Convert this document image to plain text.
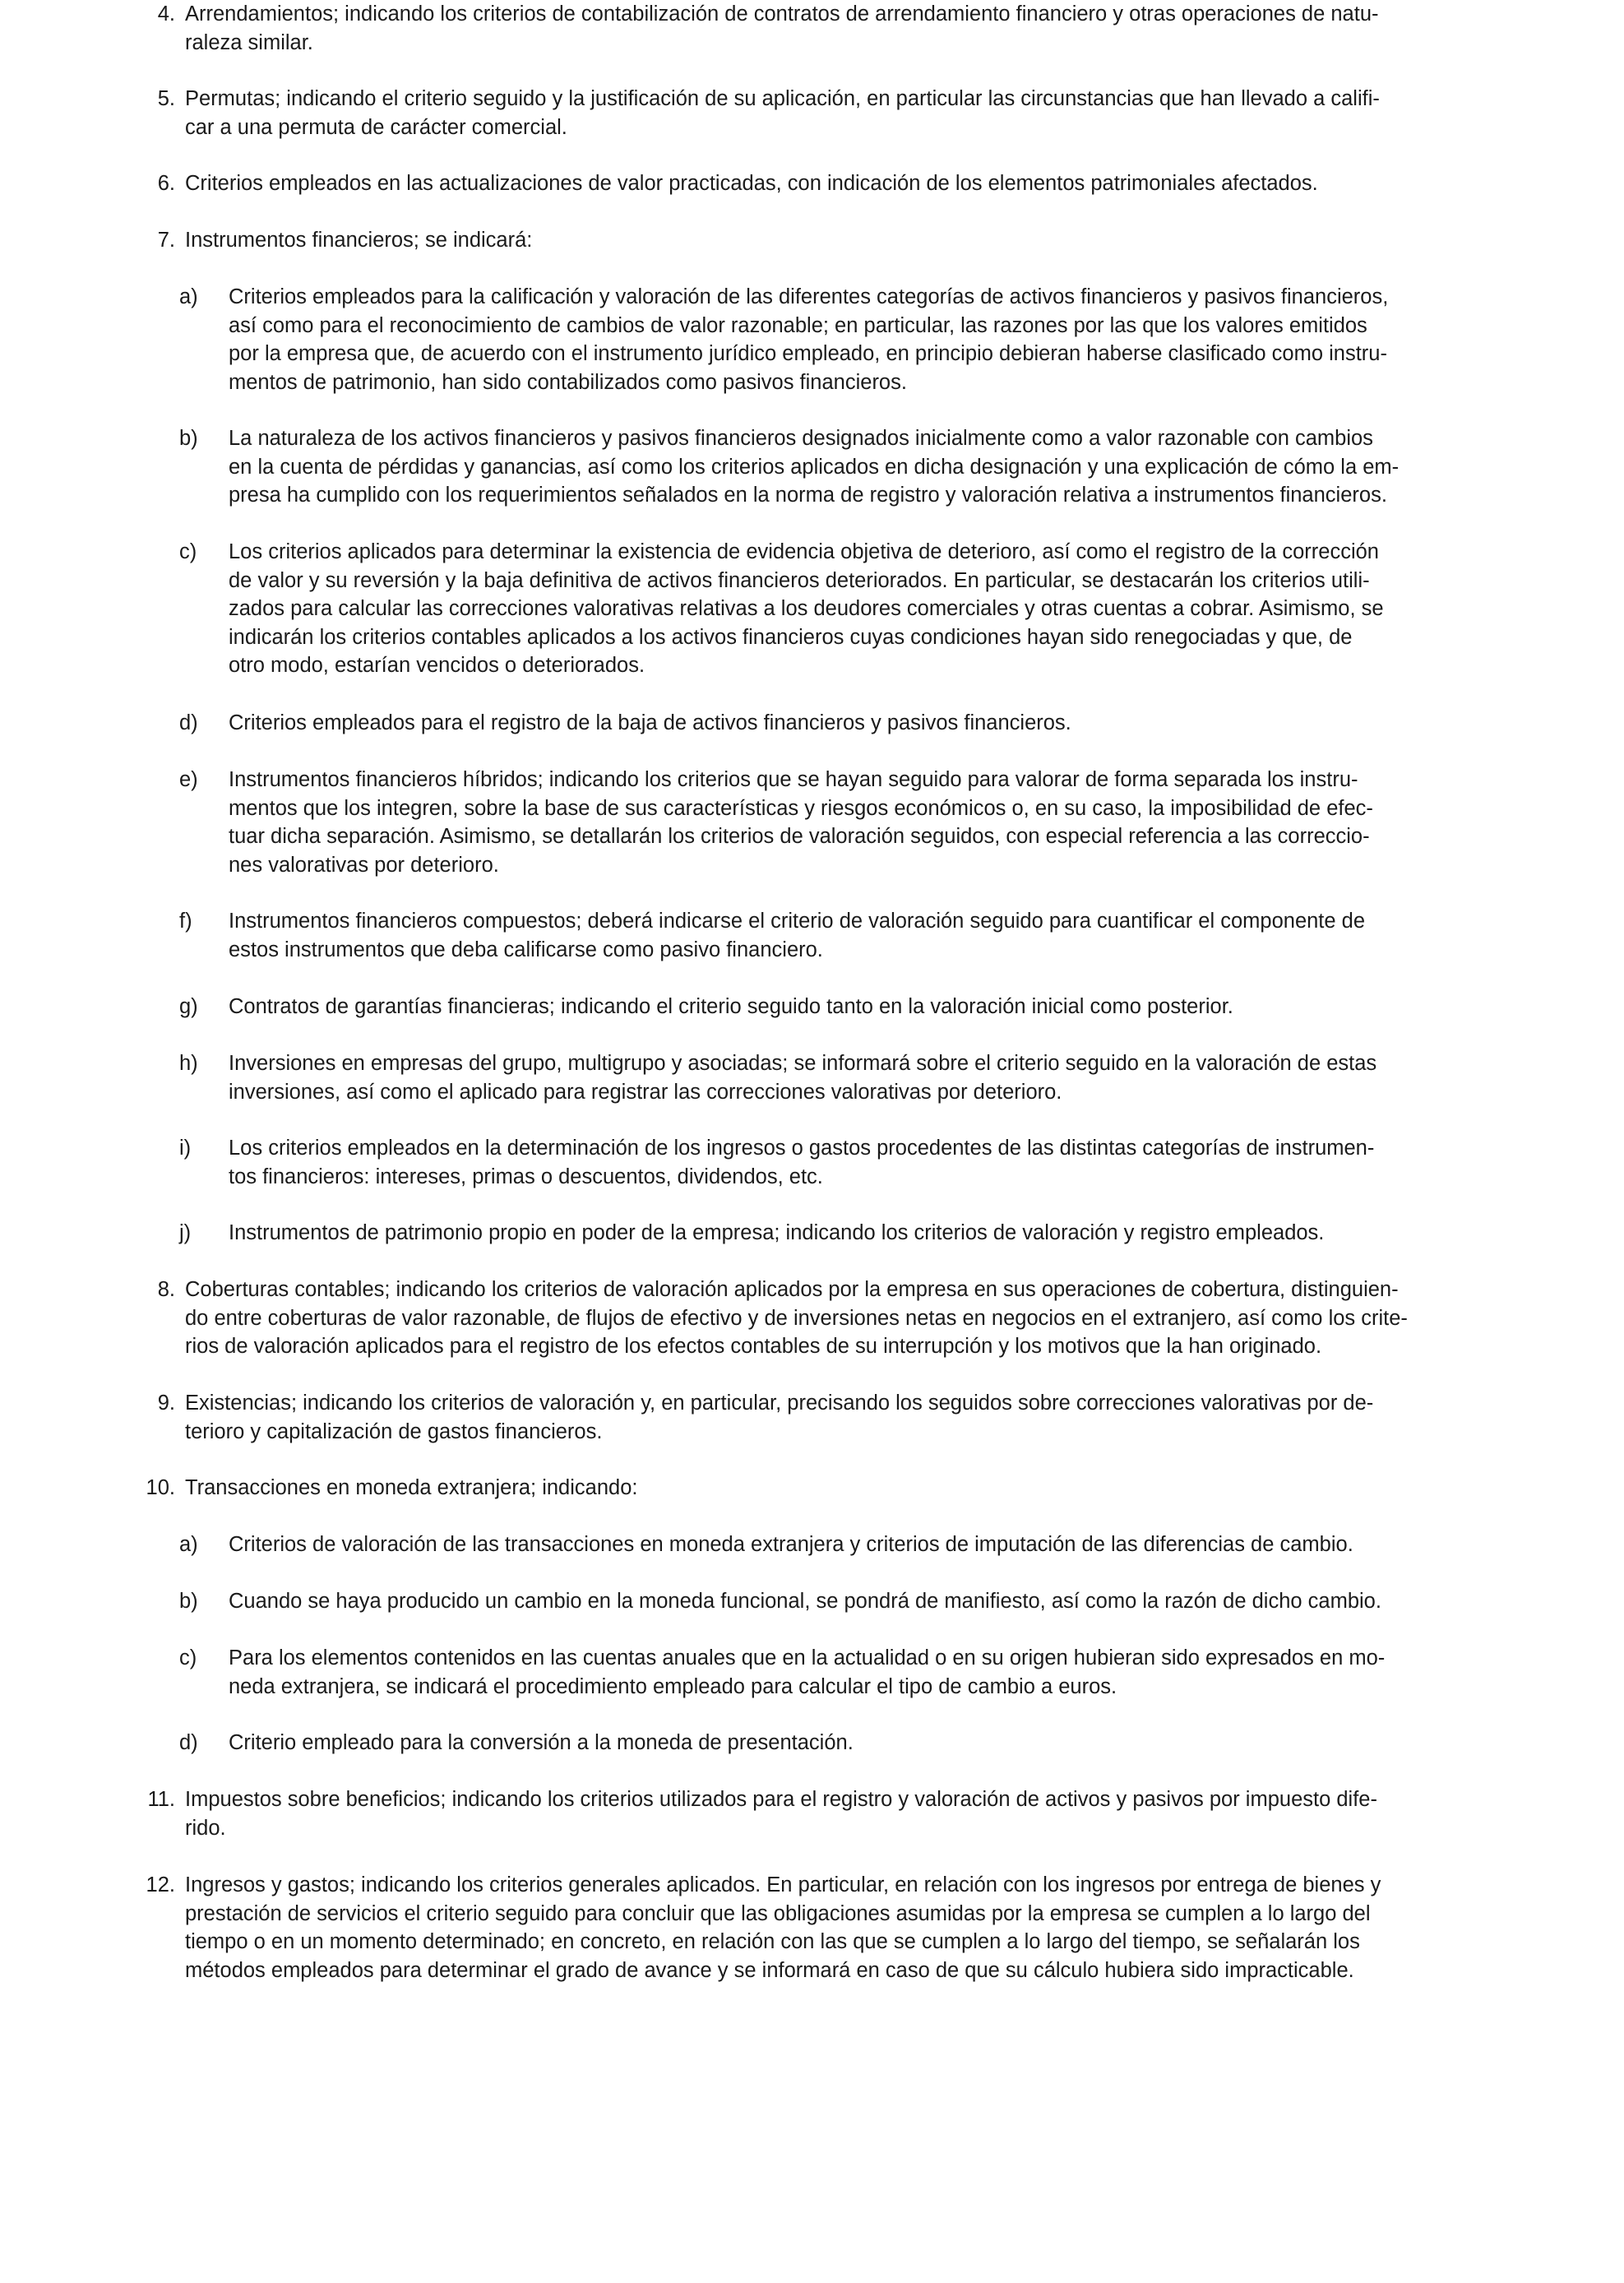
4. Arrendamientos; indicando los criterios de contabilización de contratos de arrendamiento financiero y otras operaciones de natu-
raleza similar.
5. Permutas; indicando el criterio seguido y la justificación de su aplicación, en particular las circunstancias que han llevado a califi-
car a una permuta de carácter comercial.
6. Criterios empleados en las actualizaciones de valor practicadas, con indicación de los elementos patrimoniales afectados.
7. Instrumentos financieros; se indicará:
a)	Criterios empleados para la calificación y valoración de las diferentes categorías de activos financieros y pasivos financieros,
así como para el reconocimiento de cambios de valor razonable; en particular, las razones por las que los valores emitidos
por la empresa que, de acuerdo con el instrumento jurídico empleado, en principio debieran haberse clasificado como instru-
mentos de patrimonio, han sido contabilizados como pasivos financieros.
b)	La naturaleza de los activos financieros y pasivos financieros designados inicialmente como a valor razonable con cambios
en la cuenta de pérdidas y ganancias, así como los criterios aplicados en dicha designación y una explicación de cómo la em-
presa ha cumplido con los requerimientos señalados en la norma de registro y valoración relativa a instrumentos financieros.
c)	Los criterios aplicados para determinar la existencia de evidencia objetiva de deterioro, así como el registro de la corrección
de valor y su reversión y la baja definitiva de activos financieros deteriorados. En particular, se destacarán los criterios utili-
zados para calcular las correcciones valorativas relativas a los deudores comerciales y otras cuentas a cobrar. Asimismo, se
indicarán los criterios contables aplicados a los activos financieros cuyas condiciones hayan sido renegociadas y que, de
otro modo, estarían vencidos o deteriorados.
d)	Criterios empleados para el registro de la baja de activos financieros y pasivos financieros.
e)	Instrumentos financieros híbridos; indicando los criterios que se hayan seguido para valorar de forma separada los instru-
mentos que los integren, sobre la base de sus características y riesgos económicos o, en su caso, la imposibilidad de efec-
tuar dicha separación. Asimismo, se detallarán los criterios de valoración seguidos, con especial referencia a las correccio-
nes valorativas por deterioro.
f)	Instrumentos financieros compuestos; deberá indicarse el criterio de valoración seguido para cuantificar el componente de
estos instrumentos que deba calificarse como pasivo financiero.
g)	Contratos de garantías financieras; indicando el criterio seguido tanto en la valoración inicial como posterior.
h)	Inversiones en empresas del grupo, multigrupo y asociadas; se informará sobre el criterio seguido en la valoración de estas
inversiones, así como el aplicado para registrar las correcciones valorativas por deterioro.
i)	Los criterios empleados en la determinación de los ingresos o gastos procedentes de las distintas categorías de instrumen-
tos financieros: intereses, primas o descuentos, dividendos, etc.
j)	Instrumentos de patrimonio propio en poder de la empresa; indicando los criterios de valoración y registro empleados.
8. Coberturas contables; indicando los criterios de valoración aplicados por la empresa en sus operaciones de cobertura, distinguien-
do entre coberturas de valor razonable, de flujos de efectivo y de inversiones netas en negocios en el extranjero, así como los crite-
rios de valoración aplicados para el registro de los efectos contables de su interrupción y los motivos que la han originado.
9. Existencias; indicando los criterios de valoración y, en particular, precisando los seguidos sobre correcciones valorativas por de-
terioro y capitalización de gastos financieros.
10. Transacciones en moneda extranjera; indicando:
a)	Criterios de valoración de las transacciones en moneda extranjera y criterios de imputación de las diferencias de cambio.
b)	Cuando se haya producido un cambio en la moneda funcional, se pondrá de manifiesto, así como la razón de dicho cambio.
c)	Para los elementos contenidos en las cuentas anuales que en la actualidad o en su origen hubieran sido expresados en mo-
neda extranjera, se indicará el procedimiento empleado para calcular el tipo de cambio a euros.
d)	Criterio empleado para la conversión a la moneda de presentación.
11. Impuestos sobre beneficios; indicando los criterios utilizados para el registro y valoración de activos y pasivos por impuesto dife-
rido.
12. Ingresos y gastos; indicando los criterios generales aplicados. En particular, en relación con los ingresos por entrega de bienes y
prestación de servicios el criterio seguido para concluir que las obligaciones asumidas por la empresa se cumplen a lo largo del
tiempo o en un momento determinado; en concreto, en relación con las que se cumplen a lo largo del tiempo, se señalarán los
métodos empleados para determinar el grado de avance y se informará en caso de que su cálculo hubiera sido impracticable.
